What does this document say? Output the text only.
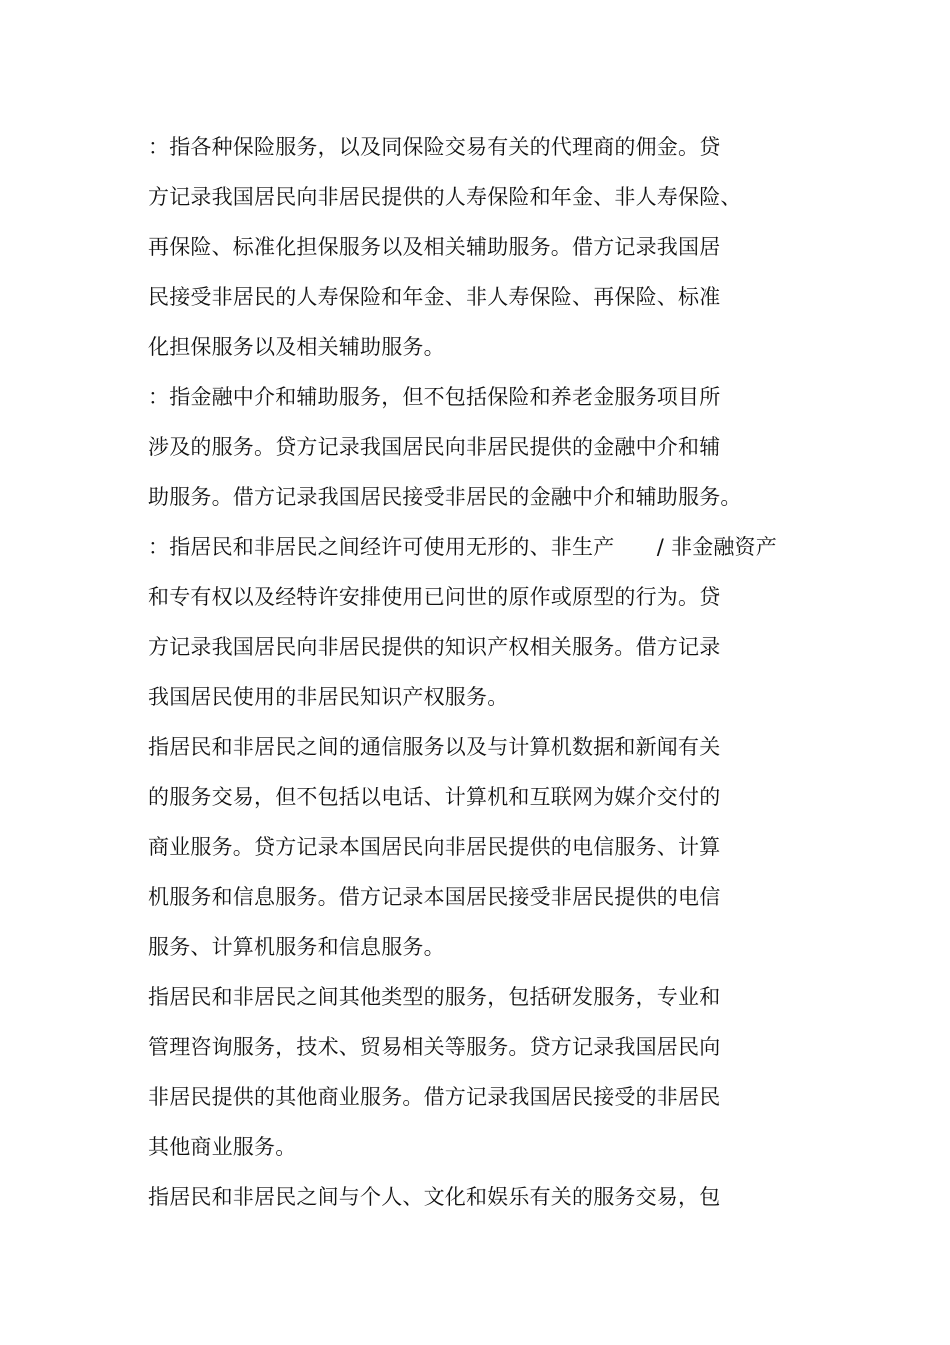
：指各种保险服务，以及同保险交易有关的代理商的佣金。贷
方记录我国居民向非居民提供的人寿保险和年金、非人寿保险、
再保险、标准化担保服务以及相关辅助服务。借方记录我国居
民接受非居民的人寿保险和年金、非人寿保险、再保险、标准
化担保服务以及相关辅助服务。
：指金融中介和辅助服务，但不包括保险和养老金服务项目所
涉及的服务。贷方记录我国居民向非居民提供的金融中介和辅
助服务。借方记录我国居民接受非居民的金融中介和辅助服务。
：指居民和非居民之间经许可使用无形的、非生产　　/ 非金融资产
和专有权以及经特许安排使用已问世的原作或原型的行为。贷
方记录我国居民向非居民提供的知识产权相关服务。借方记录
我国居民使用的非居民知识产权服务。
指居民和非居民之间的通信服务以及与计算机数据和新闻有关
的服务交易，但不包括以电话、计算机和互联网为媒介交付的
商业服务。贷方记录本国居民向非居民提供的电信服务、计算
机服务和信息服务。借方记录本国居民接受非居民提供的电信
服务、计算机服务和信息服务。
指居民和非居民之间其他类型的服务，包括研发服务，专业和
管理咨询服务，技术、贸易相关等服务。贷方记录我国居民向
非居民提供的其他商业服务。借方记录我国居民接受的非居民
其他商业服务。
指居民和非居民之间与个人、文化和娱乐有关的服务交易，包
